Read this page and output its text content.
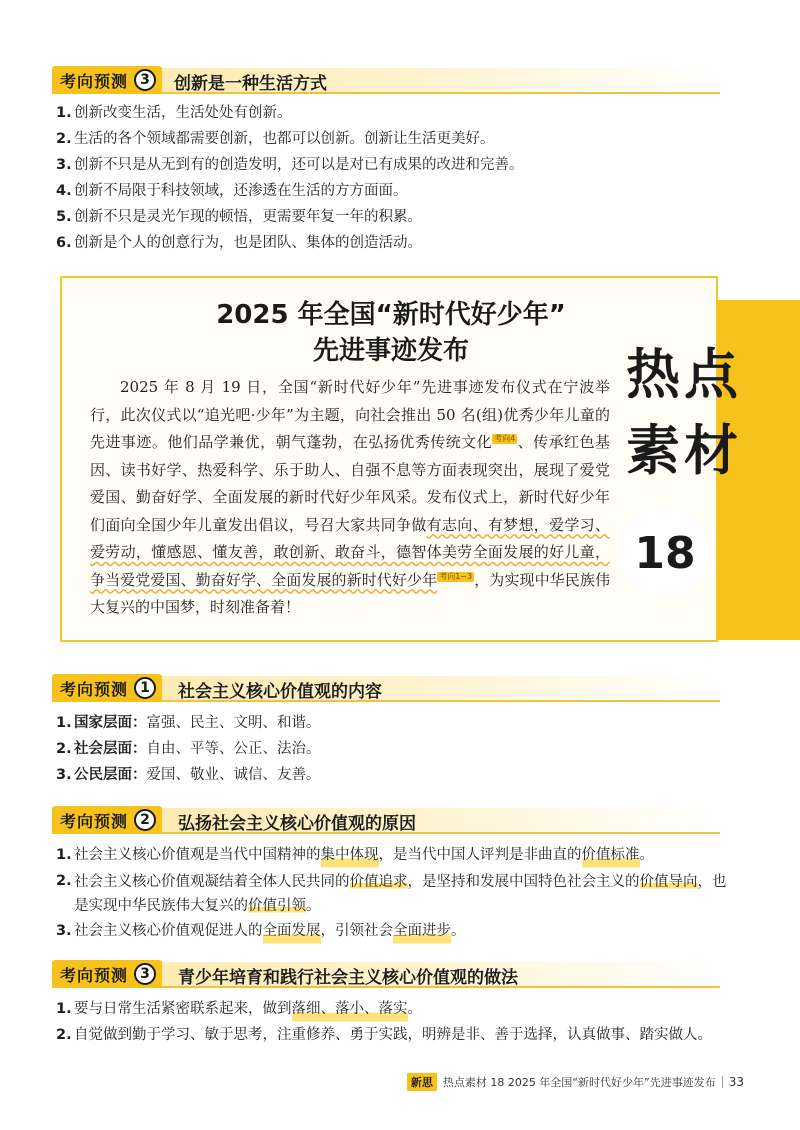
考向预测 3	创新是一种生活方式
1. 创新改变生活，生活处处有创新。
2. 生活的各个领域都需要创新，也都可以创新。创新让生活更美好。
3. 创新不只是从无到有的创造发明，还可以是对已有成果的改进和完善。
4. 创新不局限于科技领域，还渗透在生活的方方面面。
5. 创新不只是灵光乍现的顿悟，更需要年复一年的积累。
6. 创新是个人的创意行为，也是团队、集体的创造活动。
2025 年全国“新时代好少年”
先进事迹发布
2025 年 8 月 19 日，全国“新时代好少年”先进事迹发布仪式在宁波举行，此次仪式以“追光吧·少年”为主题，向社会推出 50 名(组)优秀少年儿童的先进事迹。他们品学兼优，朝气蓬勃，在弘扬优秀传统文化 考向4 、传承红色基因、读书好学、热爱科学、乐于助人、自强不息等方面表现突出，展现了爱党爱国、勤奋好学、全面发展的新时代好少年风采。发布仪式上，新时代好少年们面向全国少年儿童发出倡议，号召大家共同争做有志向、有梦想，爱学习、爱劳动，懂感恩、懂友善，敢创新、敢奋斗，德智体美劳全面发展的好儿童，争当爱党爱国、勤奋好学、全面发展的新时代好少年 考向1~3 ，为实现中华民族伟大复兴的中国梦，时刻准备着！
热点
素材
18
考向预测 1	社会主义核心价值观的内容
1. 国家层面： 富强、民主、文明、和谐。
2. 社会层面： 自由、平等、公正、法治。
3. 公民层面： 爱国、敬业、诚信、友善。
考向预测 2	弘扬社会主义核心价值观的原因
1. 社会主义核心价值观是当代中国精神的 集中体现 ，是当代中国人评判是非曲直的 价值标准 。
2. 社会主义核心价值观凝结着全体人民共同的价值追求，是坚持和发展中国特色社会主义的价值导向，也是实现中华民族伟大复兴的价值引领。
3. 社会主义核心价值观促进人的 全面发展 ，引领社会 全面进步 。
考向预测 3	青少年培育和践行社会主义核心价值观的做法
1. 要与日常生活紧密联系起来，做到 落细、落小、落实 。
2. 自觉做到勤于学习、敏于思考，注重修养、勇于实践，明辨是非、善于选择，认真做事、踏实做人。
新思 热点素材 18 2025 年全国“新时代好少年”先进事迹发布 33
